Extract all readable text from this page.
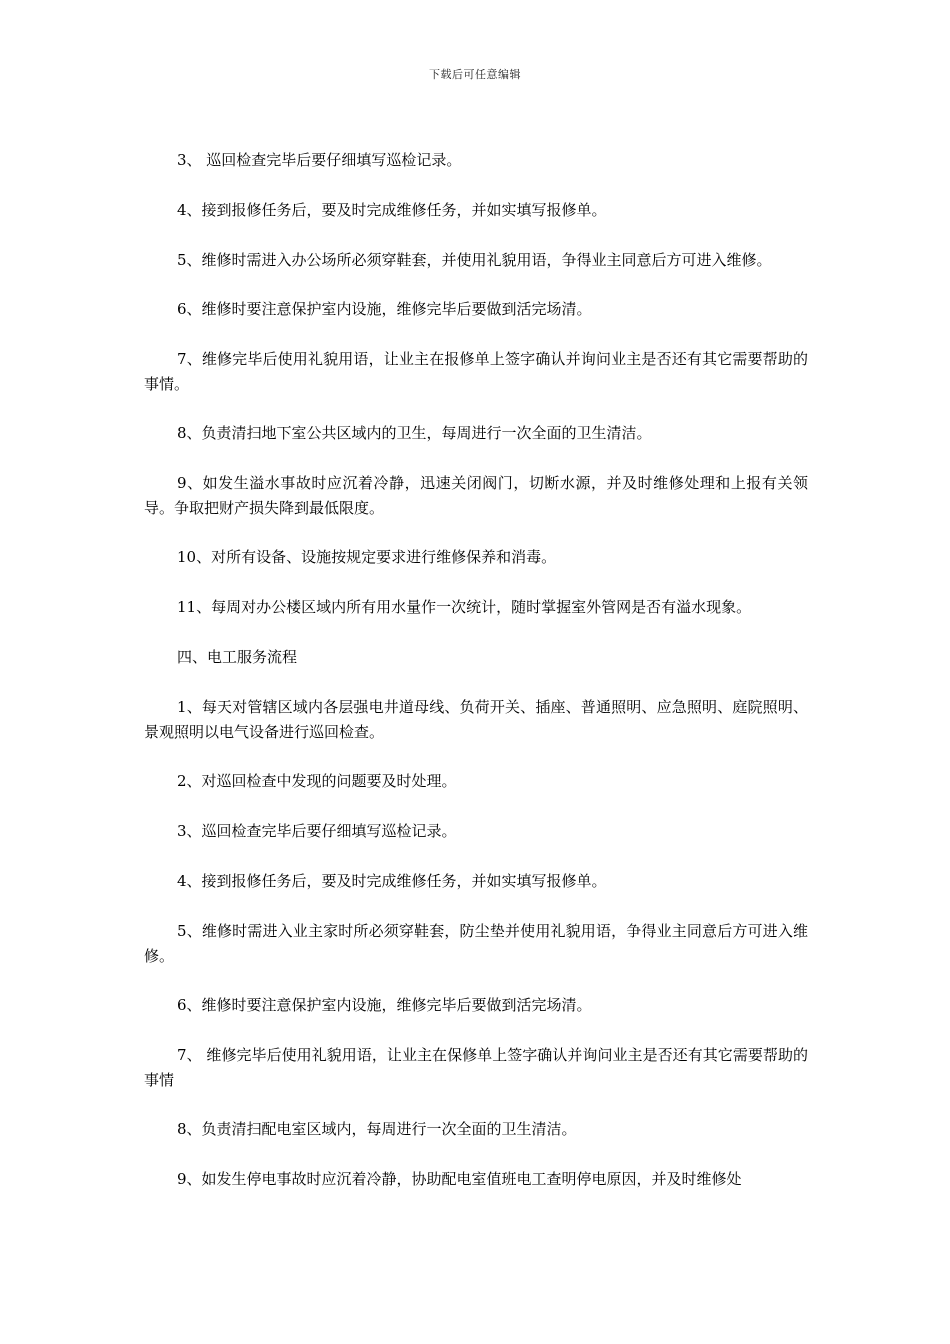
下载后可任意编辑

3、 巡回检查完毕后要仔细填写巡检记录。

4、接到报修任务后，要及时完成维修任务，并如实填写报修单。

5、维修时需进入办公场所必须穿鞋套，并使用礼貌用语，争得业主同意后方可进入维修。

6、维修时要注意保护室内设施，维修完毕后要做到活完场清。

7、维修完毕后使用礼貌用语，让业主在报修单上签字确认并询问业主是否还有其它需要帮助的事情。

8、负责清扫地下室公共区域内的卫生，每周进行一次全面的卫生清洁。

9、如发生溢水事故时应沉着冷静，迅速关闭阀门，切断水源，并及时维修处理和上报有关领导。争取把财产损失降到最低限度。

10、对所有设备、设施按规定要求进行维修保养和消毒。

11、每周对办公楼区域内所有用水量作一次统计，随时掌握室外管网是否有溢水现象。

四、电工服务流程

1、每天对管辖区域内各层强电井道母线、负荷开关、插座、普通照明、应急照明、庭院照明、景观照明以电气设备进行巡回检查。

2、对巡回检查中发现的问题要及时处理。

3、巡回检查完毕后要仔细填写巡检记录。

4、接到报修任务后，要及时完成维修任务，并如实填写报修单。

5、维修时需进入业主家时所必须穿鞋套，防尘垫并使用礼貌用语，争得业主同意后方可进入维修。

6、维修时要注意保护室内设施，维修完毕后要做到活完场清。

7、 维修完毕后使用礼貌用语，让业主在保修单上签字确认并询问业主是否还有其它需要帮助的事情

8、负责清扫配电室区域内，每周进行一次全面的卫生清洁。

9、如发生停电事故时应沉着冷静，协助配电室值班电工查明停电原因，并及时维修处
